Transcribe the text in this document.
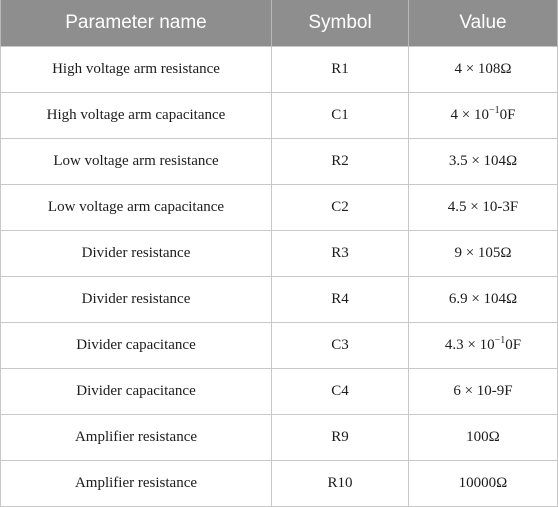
Parameter name	Symbol	Value
High voltage arm resistance	R1	4 × 108Ω
High voltage arm capacitance	C1	$4 \times 10^{-1}0F$
Low voltage arm resistance	R2	3.5 × 104Ω
Low voltage arm capacitance	C2	4.5 × 10-3F
Divider resistance	R3	9 × 105Ω
Divider resistance	R4	6.9 × 104Ω
Divider capacitance	C3	$4.3 \times 10^{-1}0F$
Divider capacitance	C4	6 × 10-9F
Amplifier resistance	R9	100Ω
Amplifier resistance	R10	10000Ω
